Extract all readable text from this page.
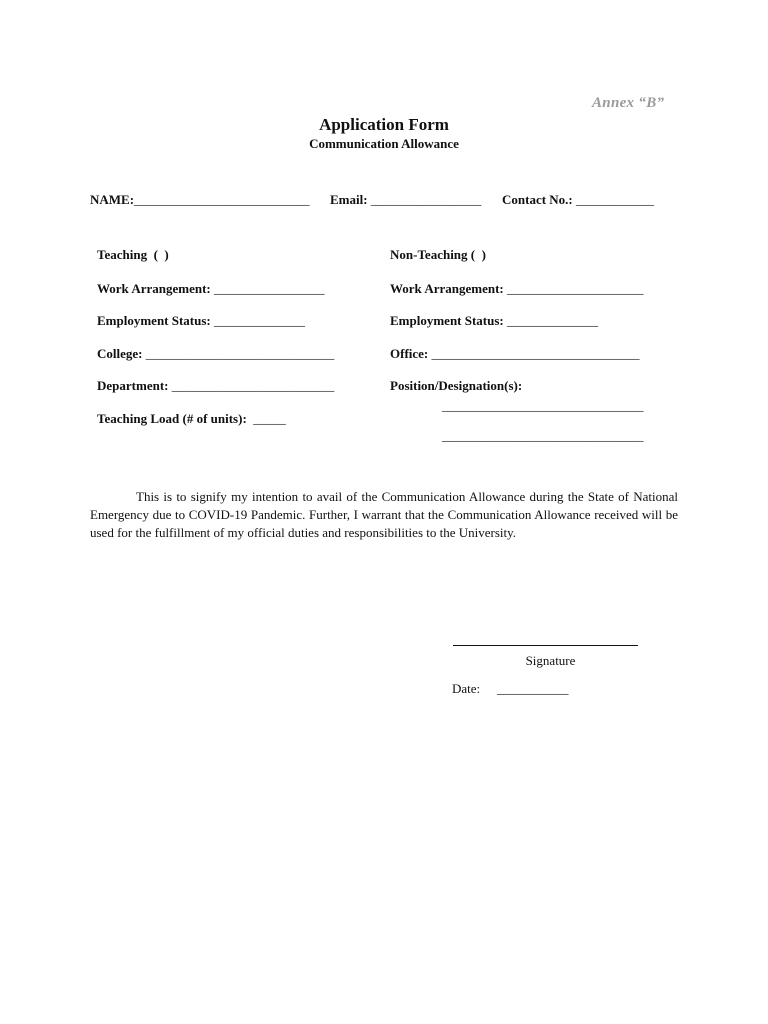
Annex “B”
Application Form
Communication Allowance
NAME:___________________________ Email: _________________ Contact No.: ____________
Teaching  (  )
Work Arrangement: _________________
Employment Status: ______________
College: _____________________________
Department: _________________________
Teaching Load (# of units): _____
Non-Teaching (  )
Work Arrangement: _____________________
Employment Status: ______________
Office: ________________________________
Position/Designation(s):
_______________________________
_______________________________
This is to signify my intention to avail of the Communication Allowance during the State of National Emergency due to COVID-19 Pandemic. Further, I warrant that the Communication Allowance received will be used for the fulfillment of my official duties and responsibilities to the University.
Signature
Date: ___________
